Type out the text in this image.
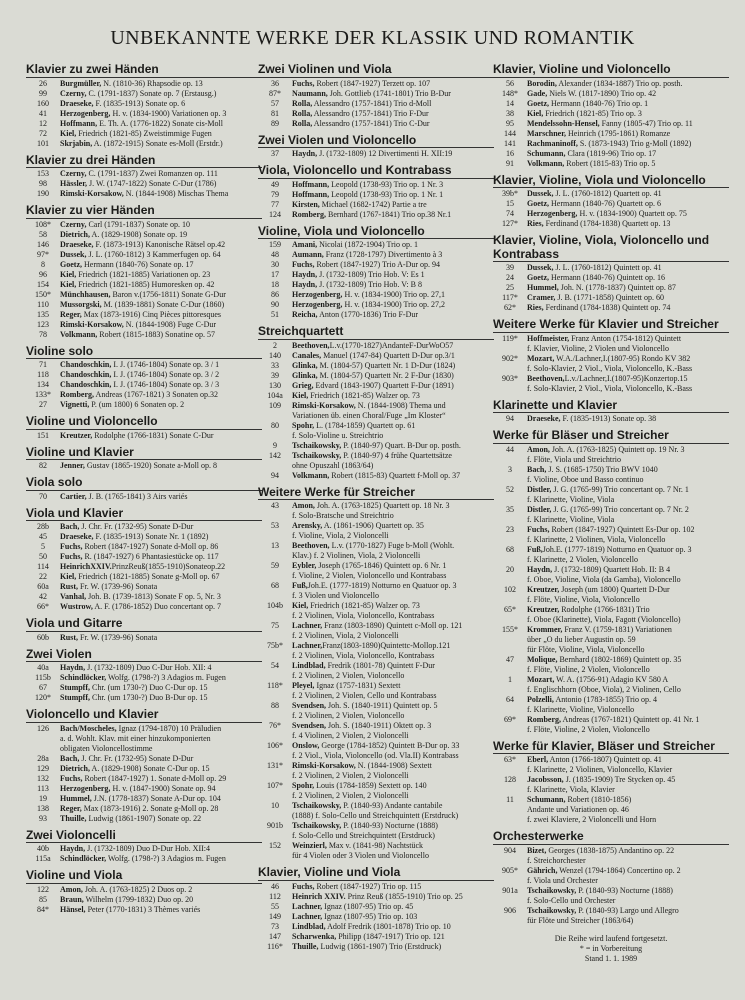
UNBEKANNTE WERKE DER KLASSIK UND ROMANTIK
Klavier zu zwei Händen
26	Burgmüller, N. (1810-36) Rhapsodie op. 13
99	Czerny, C. (1791-1837) Sonate op. 7 (Erstausg.)
160	Draeseke, F. (1835-1913) Sonate op. 6
41	Herzogenberg, H. v. (1834-1900) Variationen op. 3
12	Hoffmann, E. Th. A. (1776-1822) Sonate cis-Moll
72	Kiel, Friedrich (1821-85) Zweistimmige Fugen
101	Skrjabin, A. (1872-1915) Sonate es-Moll (Erstdr.)
Klavier zu drei Händen
153	Czerny, C. (1791-1837) Zwei Romanzen op. 111
98	Hässler, J. W. (1747-1822) Sonate C-Dur (1786)
190	Rimski-Korsakow, N. (1844-1908) Mischas Thema
Klavier zu vier Händen
108*	Czerny, Carl (1791-1837) Sonate op. 10
58	Dietrich, A. (1829-1908) Sonate op. 19
146	Draeseke, F. (1873-1913) Kanonische Rätsel op.42
97*	Dussek, J. L. (1760-1812) 3 Kammerfugen op. 64
8	Goetz, Hermann (1840-76) Sonate op. 17
96	Kiel, Friedrich (1821-1885) Variationen op. 23
154	Kiel, Friedrich (1821-1885) Humoresken op. 42
150*	Münchhausen, Baron v.(1756-1811) Sonate G-Dur
110	Mussorgski, M. (1839-1881) Sonate C-Dur (1860)
135	Reger, Max (1873-1916) Cinq Pièces pittoresques
123	Rimski-Korsakow, N. (1844-1908) Fuge C-Dur
78	Volkmann, Robert (1815-1883) Sonatine op. 57
Violine solo
71	Chandoschkin, I. J. (1746-1804) Sonate op. 3 / 1
118	Chandoschkin, I. J. (1746-1804) Sonate op. 3 / 2
134	Chandoschkin, I. J. (1746-1804) Sonate op. 3 / 3
133*	Romberg, Andreas (1767-1821) 3 Sonaten op.32
27	Vignetti, P. (um 1800) 6 Sonaten op. 2
Violine und Violoncello
151	Kreutzer, Rodolphe (1766-1831) Sonate C-Dur
Violine und Klavier
82	Jenner, Gustav (1865-1920) Sonate a-Moll op. 8
Viola solo
70	Cartier, J. B. (1765-1841) 3 Airs variés
Viola und Klavier
28b	Bach, J. Chr. Fr. (1732-95) Sonate D-Dur
45	Draeseke, F. (1835-1913) Sonate Nr. 1 (1892)
5	Fuchs, Robert (1847-1927) Sonate d-Moll op. 86
50	Fuchs, R. (1847-1927) 6 Phantasiestücke op. 117
114	HeinrichXXIV.PrinzReuß(1855-1910)Sonateop.22
22	Kiel, Friedrich (1821-1885) Sonate g-Moll op. 67
60a	Rust, Fr. W. (1739-96) Sonata
42	Vanhal, Joh. B. (1739-1813) Sonate F op. 5, Nr. 3
66*	Wustrow, A. F. (1786-1852) Duo concertant op. 7
Viola und Gitarre
60b	Rust, Fr. W. (1739-96) Sonata
Zwei Violen
40a	Haydn, J. (1732-1809) Duo C-Dur Hob. XII: 4
115b	Schindlöcker, Wolfg. (1798-?) 3 Adagios m. Fugen
67	Stumpff, Chr. (um 1730-?) Duo C-Dur op. 15
120*	Stumpff, Chr. (um 1730-?) Duo B-Dur op. 15
Violoncello und Klavier
126	Bach/Moscheles, Ignaz (1794-1870) 10 Präludien
a. d. Wohlt. Klav. mit einer hinzukomponierten
obligaten Violoncellostimme
28a	Bach, J. Chr. Fr. (1732-95) Sonate D-Dur
129	Dietrich, A. (1829-1908) Sonate C-Dur op. 15
132	Fuchs, Robert (1847-1927) 1. Sonate d-Moll op. 29
113	Herzogenberg, H. v. (1847-1900) Sonate op. 94
19	Hummel, J.N. (1778-1837) Sonate A-Dur op. 104
138	Reger, Max (1873-1916) 2. Sonate g-Moll op. 28
93	Thuille, Ludwig (1861-1907) Sonate op. 22
Zwei Violoncelli
40b	Haydn, J. (1732-1809) Duo D-Dur Hob. XII:4
115a	Schindlöcker, Wolfg. (1798-?) 3 Adagios m. Fugen
Violine und Viola
122	Amon, Joh. A. (1763-1825) 2 Duos op. 2
85	Braun, Wilhelm (1799-1832) Duo op. 20
84*	Hänsel, Peter (1770-1831) 3 Thèmes variés
Zwei Violinen und Viola
36	Fuchs, Robert (1847-1927) Terzett op. 107
87*	Naumann, Joh. Gottlieb (1741-1801) Trio B-Dur
57	Rolla, Alessandro (1757-1841) Trio d-Moll
81	Rolla, Alessandro (1757-1841) Trio F-Dur
89	Rolla, Alessandro (1757-1841) Trio C-Dur
Zwei Violen und Violoncello
37	Haydn, J. (1732-1809) 12 Divertimenti H. XII:19
Viola, Violoncello und Kontrabass
49	Hoffmann, Leopold (1738-93) Trio op. 1 Nr. 3
79	Hoffmann, Leopold (1738-93) Trio op. 1 Nr. 1
77	Kirsten, Michael (1682-1742) Partie a tre
124	Romberg, Bernhard (1767-1841) Trio op.38 Nr.1
Violine, Viola und Violoncello
159	Amani, Nicolai (1872-1904) Trio op. 1
48	Aumann, Franz (1728-1797) Divertimento à 3
30	Fuchs, Robert (1847-1927) Trio A-Dur op. 94
17	Haydn, J. (1732-1809) Trio Hob. V: Es 1
18	Haydn, J. (1732-1809) Trio Hob. V: B 8
86	Herzogenberg, H. v. (1834-1900) Trio op. 27,1
90	Herzogenberg, H. v. (1834-1900) Trio op. 27,2
51	Reicha, Anton (1770-1836) Trio F-Dur
Streichquartett
2	Beethoven,L.v.(1770-1827)AndanteF-DurWoO57
140	Canales, Manuel (1747-84) Quartett D-Dur op.3/1
33	Glinka, M. (1804-57) Quartett Nr. 1 D-Dur (1824)
39	Glinka, M. (1804-57) Quartett Nr. 2 F-Dur (1830)
130	Grieg, Edvard (1843-1907) Quartett F-Dur (1891)
104a	Kiel, Friedrich (1821-85) Walzer op. 73
109	Rimski-Korsakow, N. (1844-1908) Thema und
Variationen üb. einen Choral/Fuge „Im Kloster“
80	Spohr, L. (1784-1859) Quartett op. 61
f. Solo-Violine u. Streichtrio
9	Tschaikowsky, P. (1840-97) Quart. B-Dur op. posth.
142	Tschaikowsky, P. (1840-97) 4 frühe Quartettsätze
ohne Opuszahl (1863/64)
94	Volkmann, Robert (1815-83) Quartett f-Moll op. 37
Weitere Werke für Streicher
43	Amon, Joh. A. (1763-1825) Quartett op. 18 Nr. 3
f. Solo-Bratsche und Streichtrio
53	Arensky, A. (1861-1906) Quartett op. 35
f. Violine, Viola, 2 Violoncelli
13	Beethoven, L.v. (1770-1827) Fuge b-Moll (Wohlt.
Klav.) f. 2 Violinen, Viola, 2 Violoncelli
59	Eybler, Joseph (1765-1846) Quintett op. 6 Nr. 1
f. Violine, 2 Violen, Violoncello und Kontrabass
68	Fuß,Joh.E. (1777-1819) Notturno en Quatuor op. 3
f. 3 Violen und Violoncello
104b	Kiel, Friedrich (1821-85) Walzer op. 73
f. 2 Violinen, Viola, Violoncello, Kontrabass
75	Lachner, Franz (1803-1890) Quintett c-Moll op. 121
f. 2 Violinen, Viola, 2 Violoncelli
75b*	Lachner,Franz(1803-1890)Quintettc-Mollop.121
f. 2 Violinen, Viola, Violoncello, Kontrabass
54	Lindblad, Fredrik (1801-78) Quintett F-Dur
f. 2 Violinen, 2 Violen, Violoncello
118*	Pleyel, Ignaz (1757-1831) Sextett
f. 2 Violinen, 2 Violen, Cello und Kontrabass
88	Svendsen, Joh. S. (1840-1911) Quintett op. 5
f. 2 Violinen, 2 Violen, Violoncello
76*	Svendsen, Joh. S. (1840-1911) Oktett op. 3
f. 4 Violinen, 2 Violen, 2 Violoncelli
106*	Onslow, George (1784-1852) Quintett B-Dur op. 33
f. 2 Viol., Viola, Violoncello (od. Vla.II) Kontrabass
131*	Rimski-Korsakow, N. (1844-1908) Sextett
f. 2 Violinen, 2 Violen, 2 Violoncelli
107*	Spohr, Louis (1784-1859) Sextett op. 140
f. 2 Violinen, 2 Violen, 2 Violoncelli
10	Tschaikowsky, P. (1840-93) Andante cantabile
(1888) f. Solo-Cello und Streichquintett (Erstdruck)
901b	Tschaikowsky, P. (1840-93) Nocturne (1888)
f. Solo-Cello und Streichquintett (Erstdruck)
152	Weinzierl, Max v. (1841-98) Nachtstück
für 4 Violen oder 3 Violen und Violoncello
Klavier, Violine und Viola
46	Fuchs, Robert (1847-1927) Trio op. 115
112	Heinrich XXIV. Prinz Reuß (1855-1910) Trio op. 25
55	Lachner, Ignaz (1807-95) Trio op. 45
149	Lachner, Ignaz (1807-95) Trio op. 103
73	Lindblad, Adolf Fredrik (1801-1878) Trio op. 10
147	Scharwenka, Philipp (1847-1917) Trio op. 121
116*	Thuille, Ludwig (1861-1907) Trio (Erstdruck)
Klavier, Violine und Violoncello
56	Borodin, Alexander (1834-1887) Trio op. posth.
148*	Gade, Niels W. (1817-1890) Trio op. 42
14	Goetz, Hermann (1840-76) Trio op. 1
38	Kiel, Friedrich (1821-85) Trio op. 3
95	Mendelssohn-Hensel, Fanny (1805-47) Trio op. 11
144	Marschner, Heinrich (1795-1861) Romanze
141	Rachmaninoff, S. (1873-1943) Trio g-Moll (1892)
16	Schumann, Clara (1819-96) Trio op. 17
91	Volkmann, Robert (1815-83) Trio op. 5
Klavier, Violine, Viola und Violoncello
39b*	Dussek, J. L. (1760-1812) Quartett op. 41
15	Goetz, Hermann (1840-76) Quartett op. 6
74	Herzogenberg, H. v. (1834-1900) Quartett op. 75
127*	Ries, Ferdinand (1784-1838) Quartett op. 13
Klavier, Violine, Viola, Violoncello und Kontrabass
39	Dussek, J. L. (1760-1812) Quintett op. 41
24	Goetz, Hermann (1840-76) Quintett op. 16
25	Hummel, Joh. N. (1778-1837) Quintett op. 87
117*	Cramer, J. B. (1771-1858) Quintett op. 60
62*	Ries, Ferdinand (1784-1838) Quintett op. 74
Weitere Werke für Klavier und Streicher
119*	Hoffmeister, Franz Anton (1754-1812) Quintett
f. Klavier, Violine, 2 Violen und Violoncello
902*	Mozart, W.A./Lachner,I.(1807-95) Rondo KV 382
f. Solo-Klavier, 2 Viol., Viola, Violoncello, K.-Bass
903*	Beethoven,L.v./Lachner,I.(1807-95)Konzertop.15
f. Solo-Klavier, 2 Viol., Viola, Violoncello, K.-Bass
Klarinette und Klavier
94	Draeseke, F. (1835-1913) Sonate op. 38
Werke für Bläser und Streicher
44	Amon, Joh. A. (1763-1825) Quintett op. 19 Nr. 3
f. Flöte, Viola und Streichtrio
3	Bach, J. S. (1685-1750) Trio BWV 1040
f. Violine, Oboe und Basso continuo
52	Distler, J. G. (1765-99) Trio concertant op. 7 Nr. 1
f. Klarinette, Violine, Viola
35	Distler, J. G. (1765-99) Trio concertant op. 7 Nr. 2
f. Klarinette, Violine, Viola
23	Fuchs, Robert (1847-1927) Quintett Es-Dur op. 102
f. Klarinette, 2 Violinen, Viola, Violoncello
68	Fuß,Joh.E. (1777-1819) Notturno en Quatuor op. 3
f. Klarinette, 2 Violen, Violoncello
20	Haydn, J. (1732-1809) Quartett Hob. II: B 4
f. Oboe, Violine, Viola (da Gamba), Violoncello
102	Kreutzer, Joseph (um 1800) Quartett D-Dur
f. Flöte, Violine, Viola, Violoncello
65*	Kreutzer, Rodolphe (1766-1831) Trio
f. Oboe (Klarinette), Viola, Fagott (Violoncello)
155*	Krommer, Franz V. (1759-1831) Variationen
über „O du lieber Augustin op. 59
für Flöte, Violine, Viola, Violoncello
47	Molique, Bernhard (1802-1869) Quintett op. 35
f. Flöte, Violine, 2 Violen, Violoncello
1	Mozart, W. A. (1756-91) Adagio KV 580 A
f. Englischhorn (Oboe, Viola), 2 Violinen, Cello
64	Polzelli, Antonio (1783-1855) Trio op. 4
f. Klarinette, Violine, Violoncello
69*	Romberg, Andreas (1767-1821) Quintett op. 41 Nr. 1
f. Flöte, Violine, 2 Violen, Violoncello
Werke für Klavier, Bläser und Streicher
63*	Eberl, Anton (1766-1807) Quintett op. 41
f. Klarinette, 2 Violinen, Violoncello, Klavier
128	Jacobsson, J. (1835-1909) Tre Stycken op. 45
f. Klarinette, Viola, Klavier
11	Schumann, Robert (1810-1856)
Andante und Variationen op. 46
f. zwei Klaviere, 2 Violoncelli und Horn
Orchesterwerke
904	Bizet, Georges (1838-1875) Andantino op. 22
f. Streichorchester
905*	Gährich, Wenzel (1794-1864) Concertino op. 2
f. Viola und Orchester
901a	Tschaikowsky, P. (1840-93) Nocturne (1888)
f. Solo-Cello und Orchester
906	Tschaikowsky, P. (1840-93) Largo und Allegro
für Flöte und Streicher (1863/64)
Die Reihe wird laufend fortgesetzt.
* = in Vorbereitung
Stand 1. 1. 1989
